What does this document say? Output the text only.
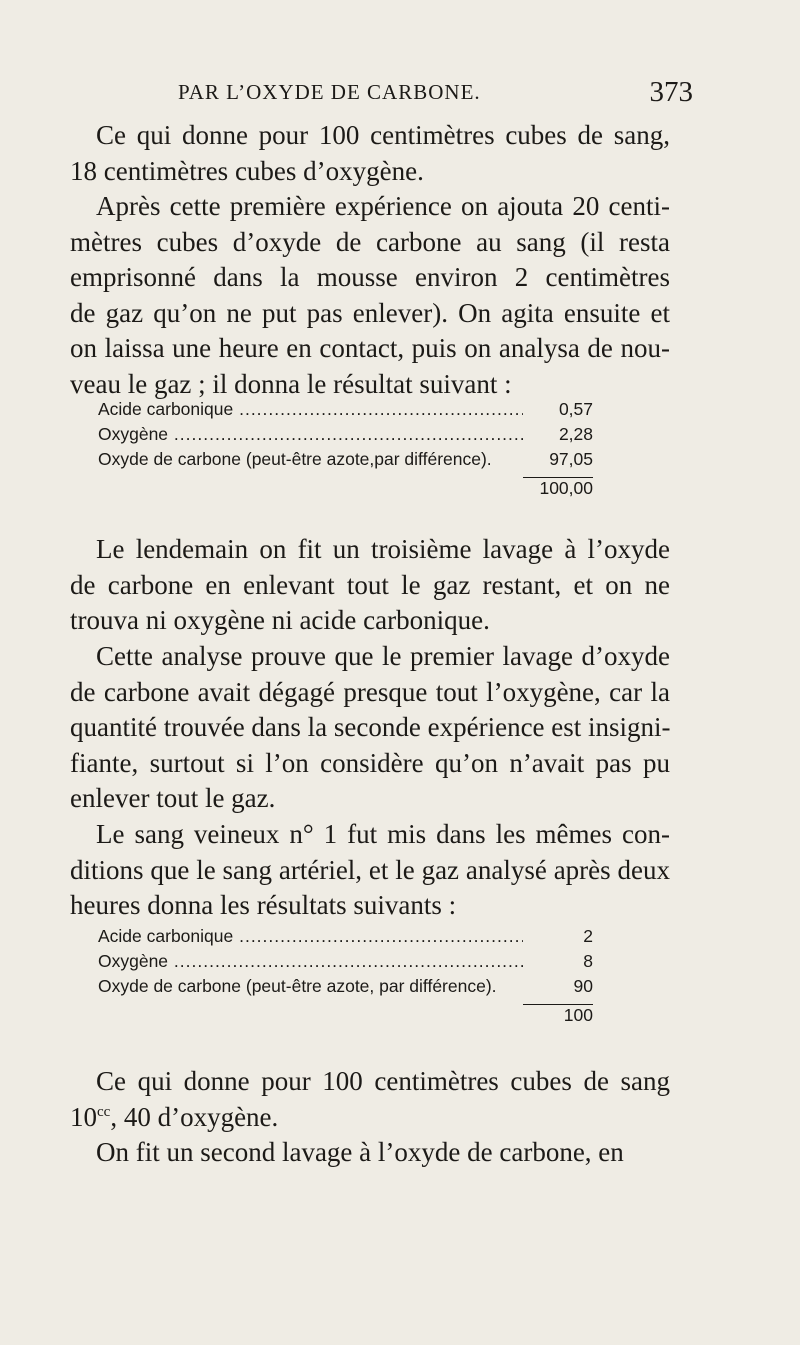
PAR L’OXYDE DE CARBONE.	373

Ce qui donne pour 100 centimètres cubes de sang,
18 centimètres cubes d’oxygène.

Après cette première expérience on ajouta 20 centi-
mètres cubes d’oxyde de carbone au sang (il resta
emprisonné dans la mousse environ 2 centimètres
de gaz qu’on ne put pas enlever). On agita ensuite et
on laissa une heure en contact, puis on analysa de nou-
veau le gaz ; il donna le résultat suivant :

Acide carbonique .....	0,57
Oxygène .....	2,28
Oxyde de carbone (peut-être azote,par différence).	97,05
100,00

Le lendemain on fit un troisième lavage à l’oxyde
de carbone en enlevant tout le gaz restant, et on ne
trouva ni oxygène ni acide carbonique.

Cette analyse prouve que le premier lavage d’oxyde
de carbone avait dégagé presque tout l’oxygène, car la
quantité trouvée dans la seconde expérience est insigni-
fiante, surtout si l’on considère qu’on n’avait pas pu
enlever tout le gaz.

Le sang veineux n° 1 fut mis dans les mêmes con-
ditions que le sang artériel, et le gaz analysé après deux
heures donna les résultats suivants :

Acide carbonique .....	2
Oxygène .....	8
Oxyde de carbone (peut-être azote, par différence).	90
100

Ce qui donne pour 100 centimètres cubes de sang
$10^{cc}$, 40 d’oxygène.

On fit un second lavage à l’oxyde de carbone, en
